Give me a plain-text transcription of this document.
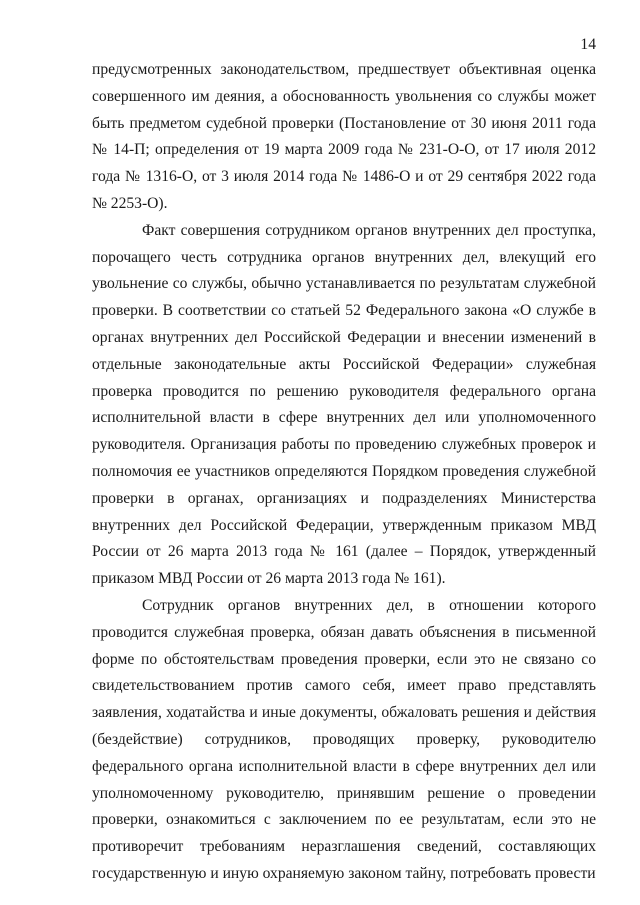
14
предусмотренных законодательством, предшествует объективная оценка
совершенного им деяния, а обоснованность увольнения со службы может
быть предметом судебной проверки (Постановление от 30 июня 2011 года
№ 14-П; определения от 19 марта 2009 года № 231-О-О, от 17 июля 2012
года № 1316-О, от 3 июля 2014 года № 1486-О и от 29 сентября 2022 года
№ 2253-О).
Факт совершения сотрудником органов внутренних дел проступка,
порочащего честь сотрудника органов внутренних дел, влекущий его
увольнение со службы, обычно устанавливается по результатам служебной
проверки. В соответствии со статьей 52 Федерального закона «О службе в
органах внутренних дел Российской Федерации и внесении изменений в
отдельные законодательные акты Российской Федерации» служебная
проверка проводится по решению руководителя федерального органа
исполнительной власти в сфере внутренних дел или уполномоченного
руководителя. Организация работы по проведению служебных проверок и
полномочия ее участников определяются Порядком проведения служебной
проверки в органах, организациях и подразделениях Министерства
внутренних дел Российской Федерации, утвержденным приказом МВД
России от 26 марта 2013 года № 161 (далее – Порядок, утвержденный
приказом МВД России от 26 марта 2013 года № 161).
Сотрудник органов внутренних дел, в отношении которого
проводится служебная проверка, обязан давать объяснения в письменной
форме по обстоятельствам проведения проверки, если это не связано со
свидетельствованием против самого себя, имеет право представлять
заявления, ходатайства и иные документы, обжаловать решения и действия
(бездействие) сотрудников, проводящих проверку, руководителю
федерального органа исполнительной власти в сфере внутренних дел или
уполномоченному руководителю, принявшим решение о проведении
проверки, ознакомиться с заключением по ее результатам, если это не
противоречит требованиям неразглашения сведений, составляющих
государственную и иную охраняемую законом тайну, потребовать провести
